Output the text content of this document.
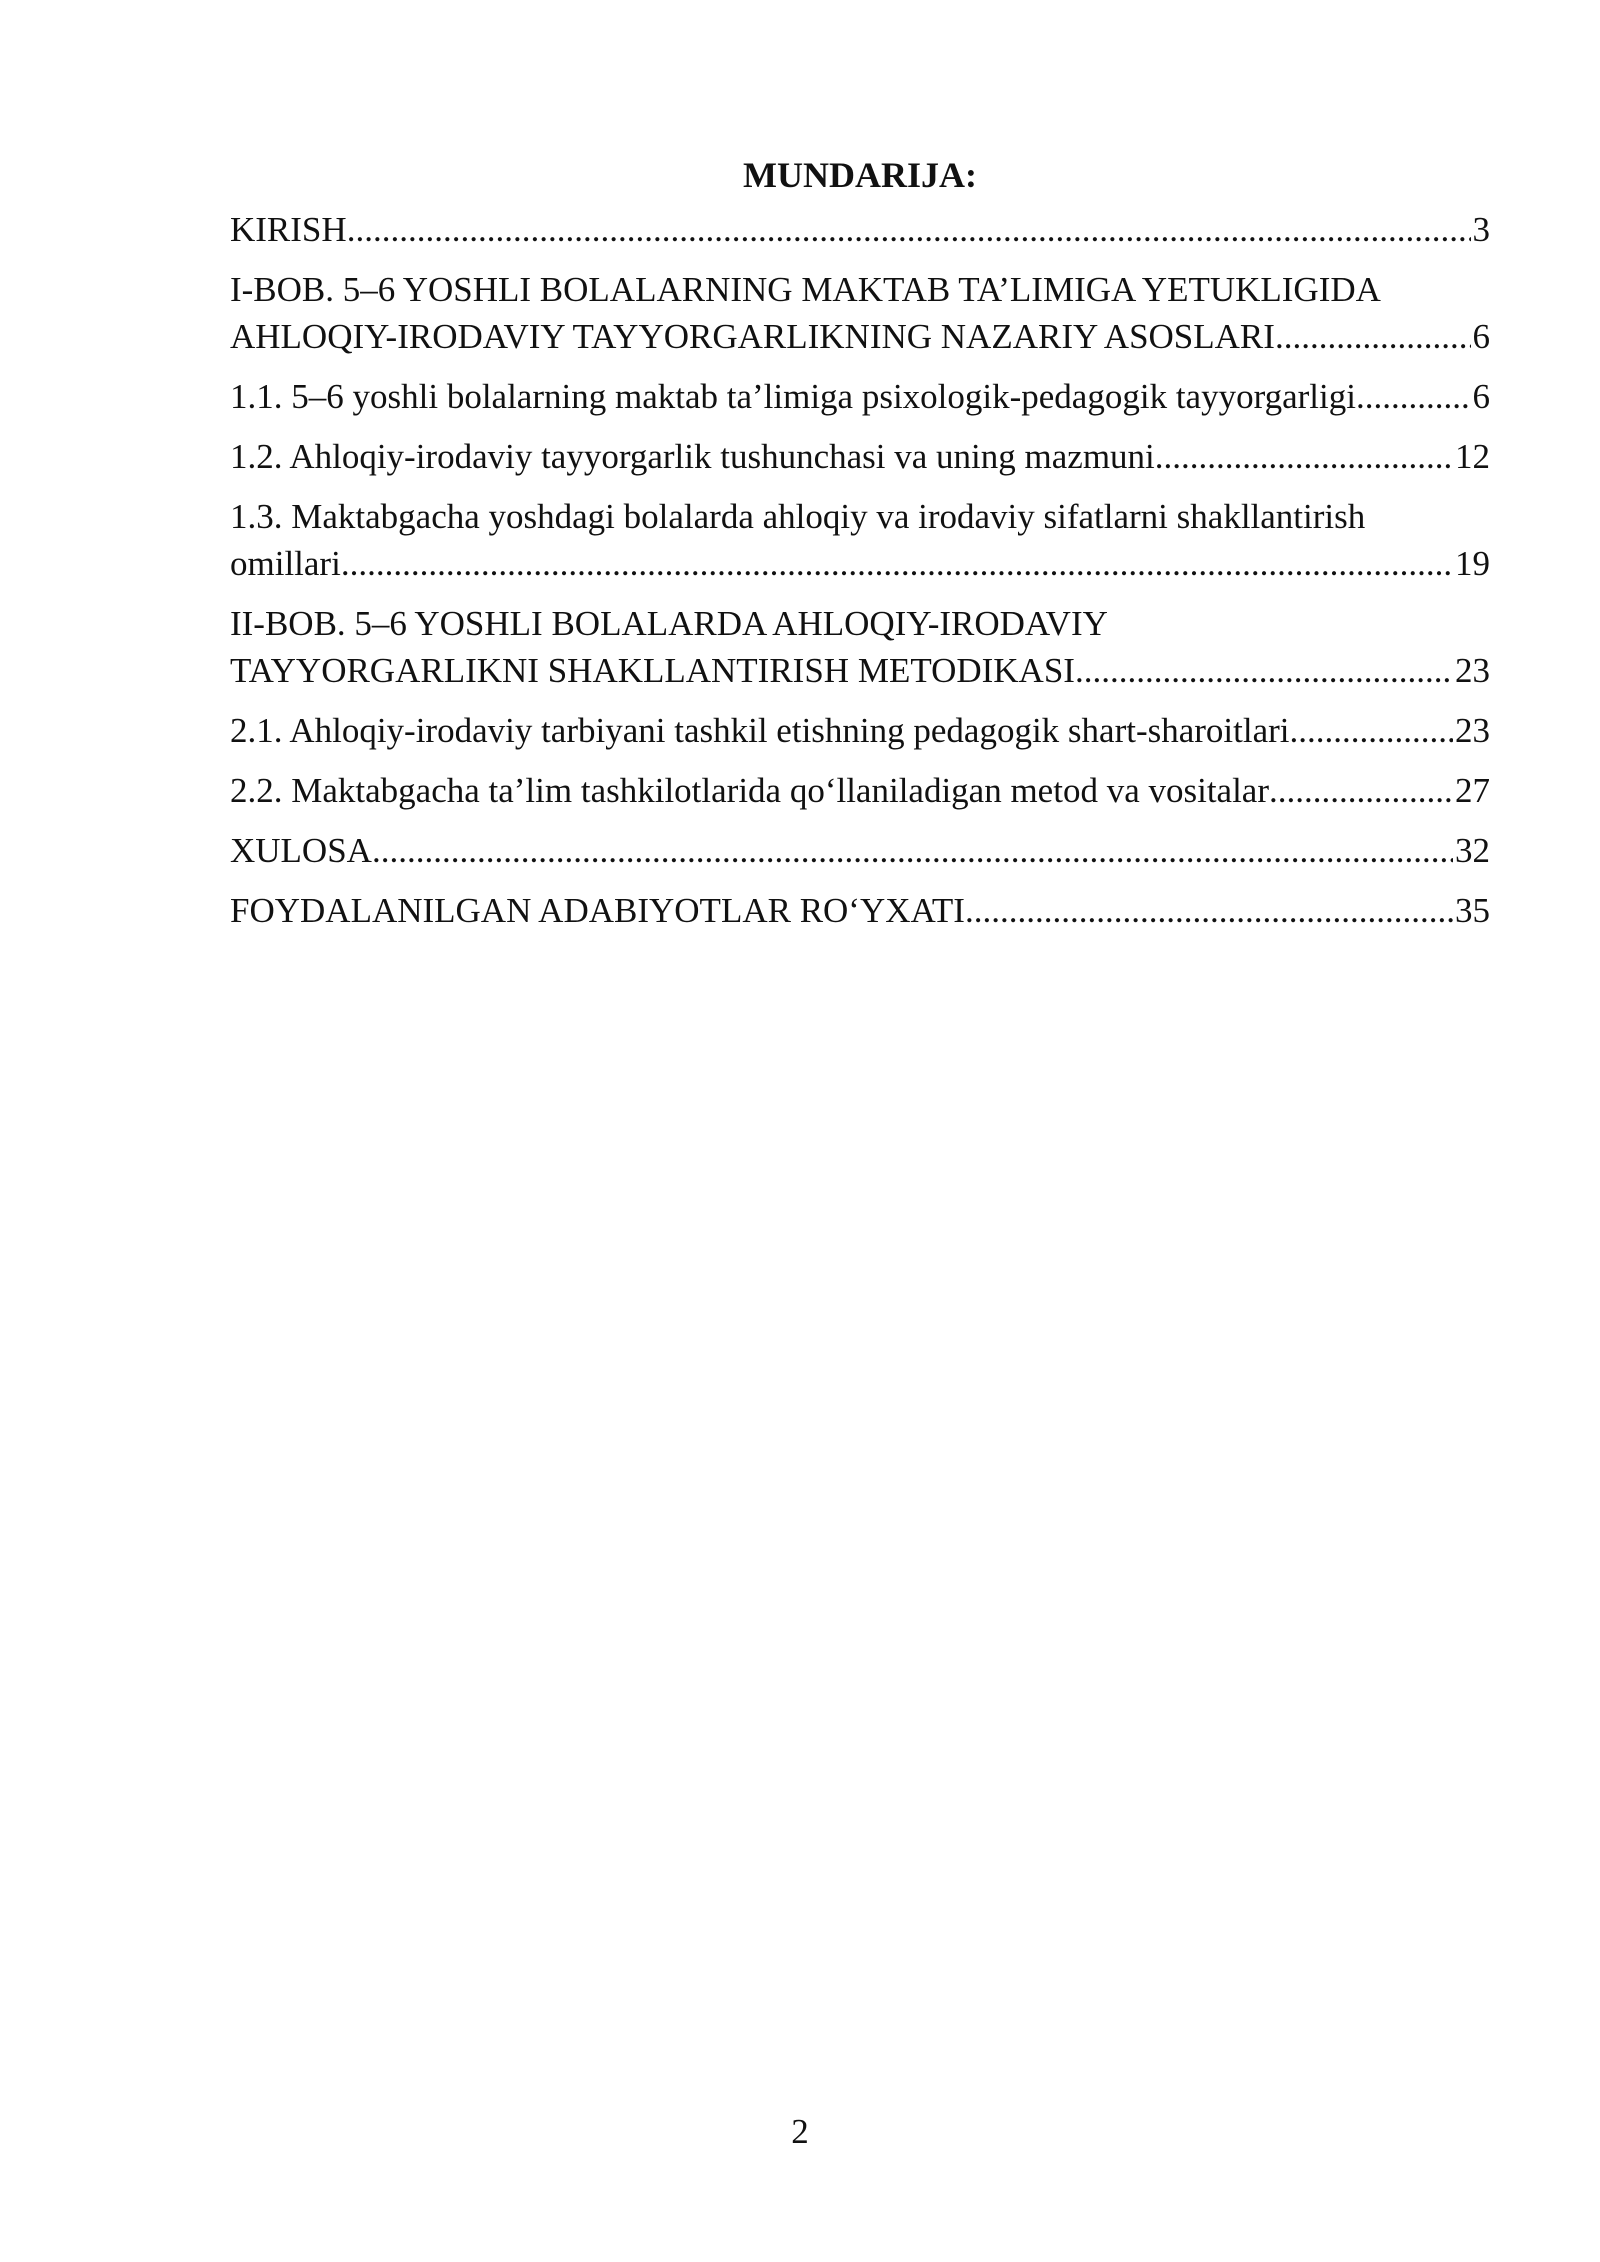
MUNDARIJA:
KIRISH .....	3
I-BOB. 5–6 YOSHLI BOLALARNING MAKTAB TA’LIMIGA YETUKLIGIDA
AHLOQIY-IRODAVIY TAYYORGARLIKNING NAZARIY ASOSLARI .....	6
1.1. 5–6 yoshli bolalarning maktab ta’limiga psixologik-pedagogik tayyorgarligi. .....	6
1.2. Ahloqiy-irodaviy tayyorgarlik tushunchasi va uning mazmuni .....	12
1.3. Maktabgacha yoshdagi bolalarda ahloqiy va irodaviy sifatlarni shakllantirish
omillari .....	19
II-BOB. 5–6 YOSHLI BOLALARDA AHLOQIY-IRODAVIY
TAYYORGARLIKNI SHAKLLANTIRISH METODIKASI .....	23
2.1. Ahloqiy-irodaviy tarbiyani tashkil etishning pedagogik shart-sharoitlari .....	23
2.2. Maktabgacha ta’lim tashkilotlarida qo‘llaniladigan metod va vositalar .....	27
XULOSA .....	32
FOYDALANILGAN ADABIYOTLAR RO‘YXATI .....	35
2
